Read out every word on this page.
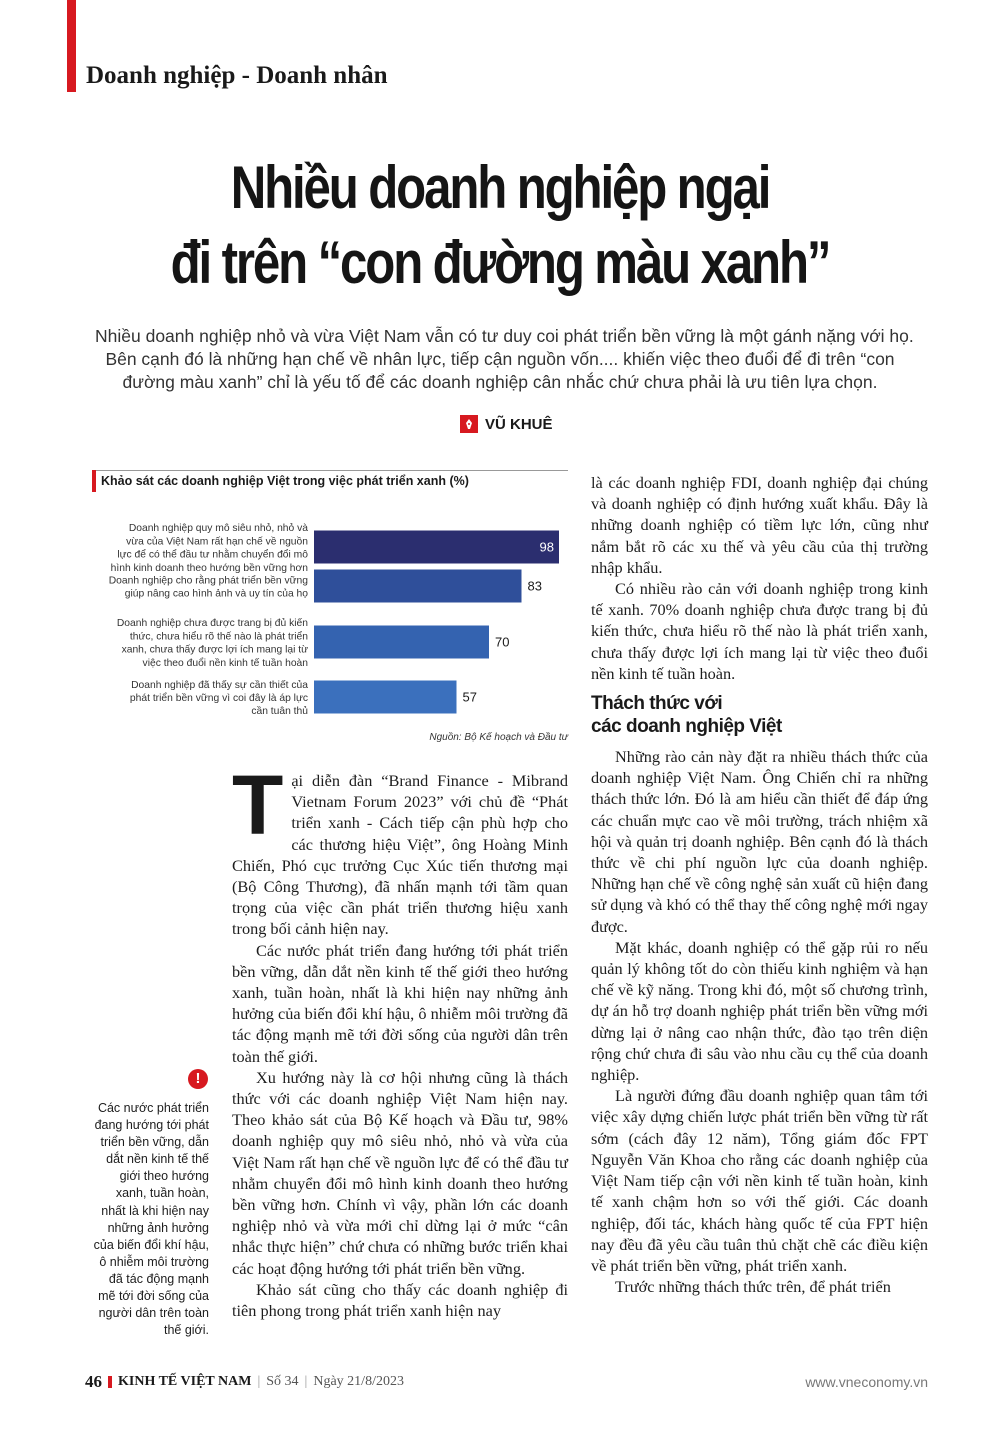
Doanh nghiệp - Doanh nhân
Nhiều doanh nghiệp ngại
đi trên “con đường màu xanh”
Nhiều doanh nghiệp nhỏ và vừa Việt Nam vẫn có tư duy coi phát triển bền vững là một gánh nặng với họ.
Bên cạnh đó là những hạn chế về nhân lực, tiếp cận nguồn vốn.... khiến việc theo đuổi để đi trên “con
đường màu xanh” chỉ là yếu tố để các doanh nghiệp cân nhắc chứ chưa phải là ưu tiên lựa chọn.
VŨ KHUÊ
Khảo sát các doanh nghiệp Việt trong việc phát triển xanh (%)
98
Doanh nghiệp quy mô siêu nhỏ, nhỏ và
vừa của Việt Nam rất hạn chế về nguồn
lực để có thể đầu tư nhằm chuyển đổi mô
hình kinh doanh theo hướng bền vững hơn
83
Doanh nghiệp cho rằng phát triển bền vững
giúp nâng cao hình ảnh và uy tín của họ
70
Doanh nghiệp chưa được trang bị đủ kiến
thức, chưa hiểu rõ thế nào là phát triển
xanh, chưa thấy được lợi ích mang lại từ
việc theo đuổi nền kinh tế tuần hoàn
57
Doanh nghiệp đã thấy sự cần thiết của
phát triển bền vững vì coi đây là áp lực
cần tuân thủ
Nguồn: Bộ Kế hoạch và Đầu tư

Tại diễn đàn “Brand Finance - Mibrand Vietnam Forum 2023” với chủ đề “Phát triển xanh - Cách tiếp cận phù hợp cho các thương hiệu Việt”, ông Hoàng Minh Chiến, Phó cục trưởng Cục Xúc tiến thương mại (Bộ Công Thương), đã nhấn mạnh tới tầm quan trọng của việc cần phát triển thương hiệu xanh trong bối cảnh hiện nay.

Các nước phát triển đang hướng tới phát triển bền vững, dẫn dắt nền kinh tế thế giới theo hướng xanh, tuần hoàn, nhất là khi hiện nay những ảnh hưởng của biến đổi khí hậu, ô nhiễm môi trường đã tác động mạnh mẽ tới đời sống của người dân trên toàn thế giới.

Xu hướng này là cơ hội nhưng cũng là thách thức với các doanh nghiệp Việt Nam hiện nay. Theo khảo sát của Bộ Kế hoạch và Đầu tư, 98% doanh nghiệp quy mô siêu nhỏ, nhỏ và vừa của Việt Nam rất hạn chế về nguồn lực để có thể đầu tư nhằm chuyển đổi mô hình kinh doanh theo hướng bền vững hơn. Chính vì vậy, phần lớn các doanh nghiệp nhỏ và vừa mới chỉ dừng lại ở mức “cân nhắc thực hiện” chứ chưa có những bước triển khai các hoạt động hướng tới phát triển bền vững.

Khảo sát cũng cho thấy các doanh nghiệp đi tiên phong trong phát triển xanh hiện nay

là các doanh nghiệp FDI, doanh nghiệp đại chúng và doanh nghiệp có định hướng xuất khẩu. Đây là những doanh nghiệp có tiềm lực lớn, cũng như nắm bắt rõ các xu thế và yêu cầu của thị trường nhập khẩu.

Có nhiều rào cản với doanh nghiệp trong kinh tế xanh. 70% doanh nghiệp chưa được trang bị đủ kiến thức, chưa hiểu rõ thế nào là phát triển xanh, chưa thấy được lợi ích mang lại từ việc theo đuổi nền kinh tế tuần hoàn.

Thách thức với
các doanh nghiệp Việt

Những rào cản này đặt ra nhiều thách thức của doanh nghiệp Việt Nam. Ông Chiến chỉ ra những thách thức lớn. Đó là am hiểu cần thiết để đáp ứng các chuẩn mực cao về môi trường, trách nhiệm xã hội và quản trị doanh nghiệp. Bên cạnh đó là thách thức về chi phí nguồn lực của doanh nghiệp. Những hạn chế về công nghệ sản xuất cũ hiện đang sử dụng và khó có thể thay thế công nghệ mới ngay được.

Mặt khác, doanh nghiệp có thể gặp rủi ro nếu quản lý không tốt do còn thiếu kinh nghiệm và hạn chế về kỹ năng. Trong khi đó, một số chương trình, dự án hỗ trợ doanh nghiệp phát triển bền vững mới dừng lại ở nâng cao nhận thức, đào tạo trên diện rộng chứ chưa đi sâu vào nhu cầu cụ thể của doanh nghiệp.

Là người đứng đầu doanh nghiệp quan tâm tới việc xây dựng chiến lược phát triển bền vững từ rất sớm (cách đây 12 năm), Tổng giám đốc FPT Nguyễn Văn Khoa cho rằng các doanh nghiệp của Việt Nam tiếp cận với nền kinh tế tuần hoàn, kinh tế xanh chậm hơn so với thế giới. Các doanh nghiệp, đối tác, khách hàng quốc tế của FPT hiện nay đều đã yêu cầu tuân thủ chặt chẽ các điều kiện về phát triển bền vững, phát triển xanh.

Trước những thách thức trên, để phát triển

!
Các nước phát triển
đang hướng tới phát
triển bền vững, dẫn
dắt nền kinh tế thế
giới theo hướng
xanh, tuần hoàn,
nhất là khi hiện nay
những ảnh hưởng
của biến đổi khí hậu,
ô nhiễm môi trường
đã tác động mạnh
mẽ tới đời sống của
người dân trên toàn
thế giới.
46 KINH TẾ VIỆT NAM | Số 34 | Ngày 21/8/2023	www.vneconomy.vn
